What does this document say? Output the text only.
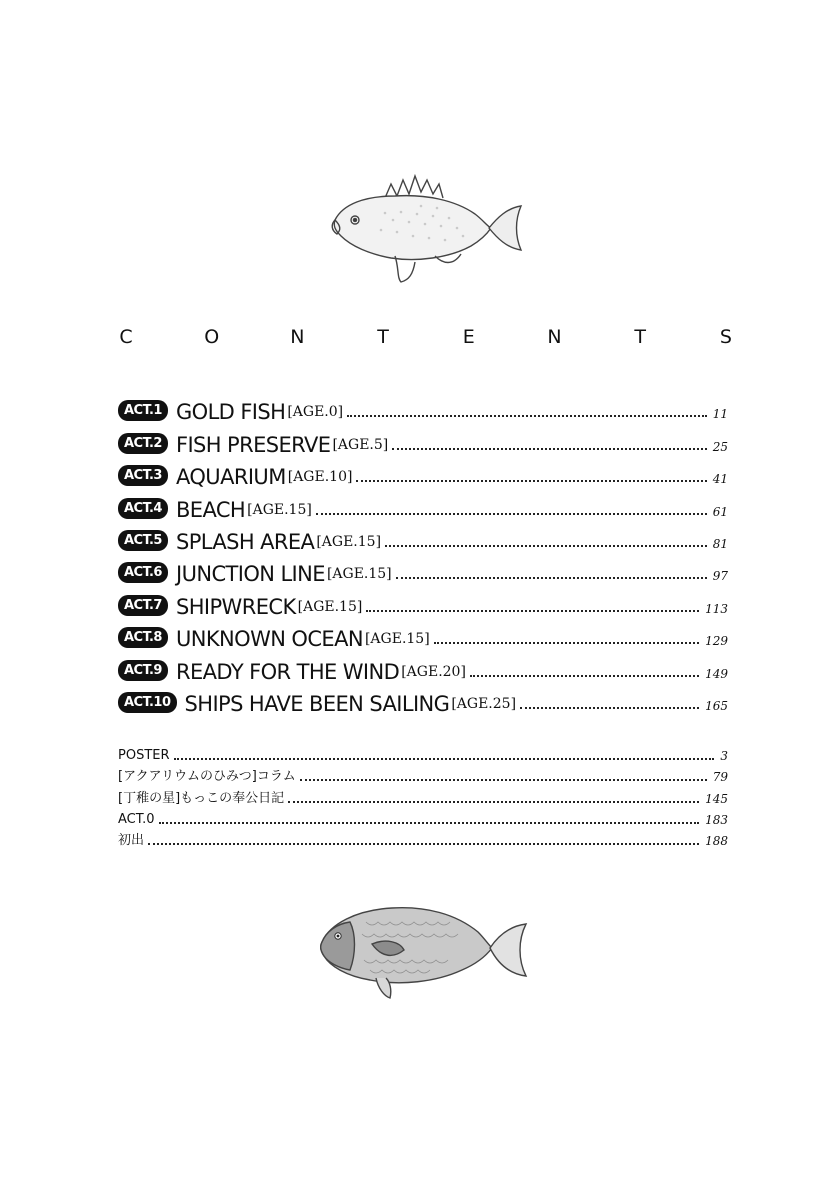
C	O	N	T	E	N	T	S
ACT.1 GOLD FISH [AGE.0]	11
ACT.2 FISH PRESERVE [AGE.5]	25
ACT.3 AQUARIUM [AGE.10]	41
ACT.4 BEACH [AGE.15]	61
ACT.5 SPLASH AREA [AGE.15]	81
ACT.6 JUNCTION LINE [AGE.15]	97
ACT.7 SHIPWRECK [AGE.15]	113
ACT.8 UNKNOWN OCEAN [AGE.15]	129
ACT.9 READY FOR THE WIND [AGE.20]	149
ACT.10 SHIPS HAVE BEEN SAILING [AGE.25]	165
POSTER	3
[アクアリウムのひみつ]コラム	79
[丁稚の星]もっこの奉公日記	145
ACT.0	183
初出	188
